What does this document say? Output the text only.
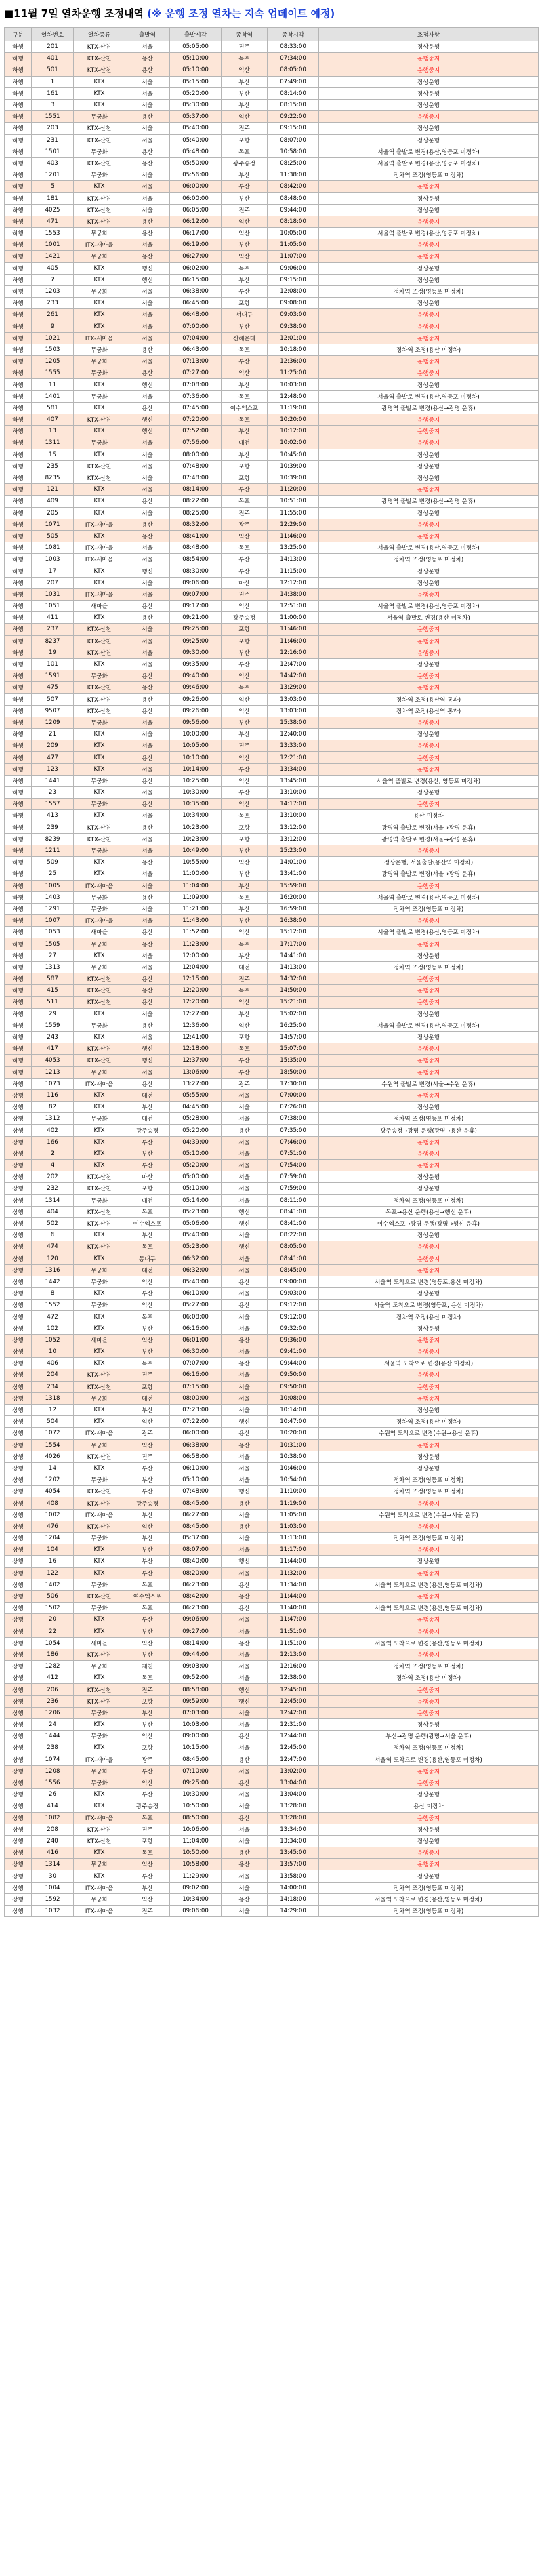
■11월 7일 열차운행 조정내역 (※ 운행 조정 열차는 지속 업데이트 예정)
구분	열차번호	열차종류	출발역	출발시각	종착역	종착시각	조정사항
하행	201	KTX-산천	서울	05:05:00	진주	08:33:00	정상운행
하행	401	KTX-산천	용산	05:10:00	목포	07:34:00	운행중지
하행	501	KTX-산천	용산	05:10:00	익산	08:05:00	운행중지
하행	1	KTX	서울	05:15:00	부산	07:49:00	정상운행
하행	161	KTX	서울	05:20:00	부산	08:14:00	정상운행
하행	3	KTX	서울	05:30:00	부산	08:15:00	정상운행
하행	1551	무궁화	용산	05:37:00	익산	09:22:00	운행중지
하행	203	KTX-산천	서울	05:40:00	진주	09:15:00	정상운행
하행	231	KTX-산천	서울	05:40:00	포항	08:07:00	정상운행
하행	1501	무궁화	용산	05:48:00	목포	10:58:00	서울역 출발로 변경(용산,영등포 미정차)
하행	403	KTX-산천	용산	05:50:00	광주송정	08:25:00	서울역 출발로 변경(용산,영등포 미정차)
하행	1201	무궁화	서울	05:56:00	부산	11:38:00	정차역 조정(영등포 미정차)
하행	5	KTX	서울	06:00:00	부산	08:42:00	운행중지
하행	181	KTX-산천	서울	06:00:00	부산	08:48:00	정상운행
하행	4025	KTX-산천	서울	06:05:00	진주	09:44:00	정상운행
하행	471	KTX-산천	용산	06:12:00	익산	08:18:00	운행중지
하행	1553	무궁화	용산	06:17:00	익산	10:05:00	서울역 출발로 변경(용산,영등포 미정차)
하행	1001	ITX-새마을	서울	06:19:00	부산	11:05:00	운행중지
하행	1421	무궁화	용산	06:27:00	익산	11:07:00	운행중지
하행	405	KTX	행신	06:02:00	목포	09:06:00	정상운행
하행	7	KTX	행신	06:15:00	부산	09:15:00	정상운행
하행	1203	무궁화	서울	06:38:00	부산	12:08:00	정차역 조정(영등포 미정차)
하행	233	KTX	서울	06:45:00	포항	09:08:00	정상운행
하행	261	KTX	서울	06:48:00	서대구	09:03:00	운행중지
하행	9	KTX	서울	07:00:00	부산	09:38:00	운행중지
하행	1021	ITX-새마을	서울	07:04:00	신해운대	12:01:00	운행중지
하행	1503	무궁화	용산	06:43:00	목포	10:18:00	정차역 조정(용산 미정차)
하행	1205	무궁화	서울	07:13:00	부산	12:36:00	운행중지
하행	1555	무궁화	용산	07:27:00	익산	11:25:00	운행중지
하행	11	KTX	행신	07:08:00	부산	10:03:00	정상운행
하행	1401	무궁화	서울	07:36:00	목포	12:48:00	서울역 출발로 변경(용산,영등포 미정차)
하행	581	KTX	용산	07:45:00	여수엑스포	11:19:00	광명역 출발로 변경(용산→광명 운휴)
하행	407	KTX-산천	행신	07:20:00	목포	10:20:00	운행중지
하행	13	KTX	행신	07:52:00	부산	10:12:00	운행중지
하행	1311	무궁화	서울	07:56:00	대전	10:02:00	운행중지
하행	15	KTX	서울	08:00:00	부산	10:45:00	정상운행
하행	235	KTX-산천	서울	07:48:00	포항	10:39:00	정상운행
하행	8235	KTX-산천	서울	07:48:00	포항	10:39:00	정상운행
하행	121	KTX	서울	08:14:00	부산	11:20:00	운행중지
하행	409	KTX	용산	08:22:00	목포	10:51:00	광명역 출발로 변경(용산→광명 운휴)
하행	205	KTX	서울	08:25:00	진주	11:55:00	정상운행
하행	1071	ITX-새마을	용산	08:32:00	광주	12:29:00	운행중지
하행	505	KTX	용산	08:41:00	익산	11:46:00	운행중지
하행	1081	ITX-새마을	서울	08:48:00	목포	13:25:00	서울역 출발로 변경(용산,영등포 미정차)
하행	1003	ITX-새마을	서울	08:54:00	부산	14:13:00	정차역 조정(영등포 미정차)
하행	17	KTX	행신	08:30:00	부산	11:15:00	정상운행
하행	207	KTX	서울	09:06:00	마산	12:12:00	정상운행
하행	1031	ITX-새마을	서울	09:07:00	진주	14:38:00	운행중지
하행	1051	새마을	용산	09:17:00	익산	12:51:00	서울역 출발로 변경(용산,영등포 미정차)
하행	411	KTX	용산	09:21:00	광주송정	11:00:00	서울역 출발로 변경(용산 미정차)
하행	237	KTX-산천	서울	09:25:00	포항	11:46:00	운행중지
하행	8237	KTX-산천	서울	09:25:00	포항	11:46:00	운행중지
하행	19	KTX-산천	서울	09:30:00	부산	12:16:00	운행중지
하행	101	KTX	서울	09:35:00	부산	12:47:00	정상운행
하행	1591	무궁화	용산	09:40:00	익산	14:42:00	운행중지
하행	475	KTX-산천	용산	09:46:00	목포	13:29:00	운행중지
하행	507	KTX-산천	용산	09:26:00	익산	13:03:00	정차역 조정(용산역 통과)
하행	9507	KTX-산천	용산	09:26:00	익산	13:03:00	정차역 조정(용산역 통과)
하행	1209	무궁화	서울	09:56:00	부산	15:38:00	운행중지
하행	21	KTX	서울	10:00:00	부산	12:40:00	정상운행
하행	209	KTX	서울	10:05:00	진주	13:33:00	운행중지
하행	477	KTX	용산	10:10:00	익산	12:21:00	운행중지
하행	123	KTX	서울	10:14:00	부산	13:34:00	운행중지
하행	1441	무궁화	용산	10:25:00	익산	13:45:00	서울역 출발로 변경(용산, 영등포 미정차)
하행	23	KTX	서울	10:30:00	부산	13:10:00	정상운행
하행	1557	무궁화	용산	10:35:00	익산	14:17:00	운행중지
하행	413	KTX	서울	10:34:00	목포	13:10:00	용산 미정차
하행	239	KTX-산천	용산	10:23:00	포항	13:12:00	광명역 출발로 변경(서울→광명 운휴)
하행	8239	KTX-산천	서울	10:23:00	포항	13:12:00	광명역 출발로 변경(서울→광명 운휴)
하행	1211	무궁화	서울	10:49:00	부산	15:23:00	운행중지
하행	509	KTX	용산	10:55:00	익산	14:01:00	정상운행, 서울출발(용산역 미정차)
하행	25	KTX	서울	11:00:00	부산	13:41:00	광명역 출발로 변경(서울→광명 운휴)
하행	1005	ITX-새마을	서울	11:04:00	부산	15:59:00	운행중지
하행	1403	무궁화	용산	11:09:00	목포	16:20:00	서울역 출발로 변경(용산,영등포 미정차)
하행	1291	무궁화	서울	11:21:00	부산	16:59:00	정차역 조정(영등포 미정차)
하행	1007	ITX-새마을	서울	11:43:00	부산	16:38:00	운행중지
하행	1053	새마을	용산	11:52:00	익산	15:12:00	서울역 출발로 변경(용산,영등포 미정차)
하행	1505	무궁화	용산	11:23:00	목포	17:17:00	운행중지
하행	27	KTX	서울	12:00:00	부산	14:41:00	정상운행
하행	1313	무궁화	서울	12:04:00	대전	14:13:00	정차역 조정(영등포 미정차)
하행	587	KTX-산천	용산	12:15:00	진주	14:32:00	운행중지
하행	415	KTX-산천	용산	12:20:00	목포	14:50:00	운행중지
하행	511	KTX-산천	용산	12:20:00	익산	15:21:00	운행중지
하행	29	KTX	서울	12:27:00	부산	15:02:00	정상운행
하행	1559	무궁화	용산	12:36:00	익산	16:25:00	서울역 출발로 변경(용산,영등포 미정차)
하행	243	KTX	서울	12:41:00	포항	14:57:00	정상운행
하행	417	KTX-산천	행신	12:18:00	목포	15:07:00	운행중지
하행	4053	KTX-산천	행신	12:37:00	부산	15:35:00	운행중지
하행	1213	무궁화	서울	13:06:00	부산	18:50:00	운행중지
하행	1073	ITX-새마을	용산	13:27:00	광주	17:30:00	수원역 출발로 변경(서울→수원 운휴)
상행	116	KTX	대전	05:55:00	서울	07:00:00	운행중지
상행	82	KTX	부산	04:45:00	서울	07:26:00	정상운행
상행	1312	무궁화	대전	05:28:00	서울	07:38:00	정차역 조정(영등포 미정차)
상행	402	KTX	광주송정	05:20:00	용산	07:35:00	광주송정→광명 운행(광명→용산 운휴)
상행	166	KTX	부산	04:39:00	서울	07:46:00	운행중지
상행	2	KTX	부산	05:10:00	서울	07:51:00	운행중지
상행	4	KTX	부산	05:20:00	서울	07:54:00	운행중지
상행	202	KTX-산천	마산	05:00:00	서울	07:59:00	정상운행
상행	232	KTX-산천	포항	05:10:00	서울	07:59:00	정상운행
상행	1314	무궁화	대전	05:14:00	서울	08:11:00	정차역 조정(영등포 미정차)
상행	404	KTX-산천	목포	05:23:00	행신	08:41:00	목포→용산 운행(용산→행신 운휴)
상행	502	KTX-산천	여수엑스포	05:06:00	행신	08:41:00	여수엑스포→광명 운행(광명→행신 운휴)
상행	6	KTX	부산	05:40:00	서울	08:22:00	정상운행
상행	474	KTX-산천	목포	05:23:00	행신	08:05:00	운행중지
상행	120	KTX	동대구	06:32:00	서울	08:41:00	운행중지
상행	1316	무궁화	대전	06:32:00	서울	08:45:00	운행중지
상행	1442	무궁화	익산	05:40:00	용산	09:00:00	서울역 도착으로 변경(영등포,용산 미정차)
상행	8	KTX	부산	06:10:00	서울	09:03:00	정상운행
상행	1552	무궁화	익산	05:27:00	용산	09:12:00	서울역 도착으로 변경(영등포, 용산 미정차)
상행	472	KTX	목포	06:08:00	서울	09:12:00	정차역 조정(용산 미정차)
상행	102	KTX	부산	06:16:00	서울	09:32:00	정상운행
상행	1052	새마을	익산	06:01:00	용산	09:36:00	운행중지
상행	10	KTX	부산	06:30:00	서울	09:41:00	운행중지
상행	406	KTX	목포	07:07:00	용산	09:44:00	서울역 도착으로 변경(용산 미정차)
상행	204	KTX-산천	진주	06:16:00	서울	09:50:00	운행중지
상행	234	KTX-산천	포항	07:15:00	서울	09:50:00	운행중지
상행	1318	무궁화	대전	08:00:00	서울	10:08:00	운행중지
상행	12	KTX	부산	07:23:00	서울	10:14:00	정상운행
상행	504	KTX	익산	07:22:00	행신	10:47:00	정차역 조정(용산 미정차)
상행	1072	ITX-새마을	광주	06:00:00	용산	10:20:00	수원역 도착으로 변경(수원→용산 운휴)
상행	1554	무궁화	익산	06:38:00	용산	10:31:00	운행중지
상행	4026	KTX-산천	진주	06:58:00	서울	10:38:00	정상운행
상행	14	KTX	부산	06:10:00	서울	10:46:00	정상운행
상행	1202	무궁화	부산	05:10:00	서울	10:54:00	정차역 조정(영등포 미정차)
상행	4054	KTX-산천	부산	07:48:00	행신	11:10:00	정차역 조정(영등포 미정차)
상행	408	KTX-산천	광주송정	08:45:00	용산	11:19:00	운행중지
상행	1002	ITX-새마을	부산	06:27:00	서울	11:05:00	수원역 도착으로 변경(수원→서울 운휴)
상행	476	KTX-산천	익산	08:45:00	용산	11:03:00	운행중지
상행	1204	무궁화	부산	05:37:00	서울	11:13:00	정차역 조정(영등포 미정차)
상행	104	KTX	부산	08:07:00	서울	11:17:00	운행중지
상행	16	KTX	부산	08:40:00	행신	11:44:00	정상운행
상행	122	KTX	부산	08:20:00	서울	11:32:00	운행중지
상행	1402	무궁화	목포	06:23:00	용산	11:34:00	서울역 도착으로 변경(용산,영등포 미정차)
상행	506	KTX-산천	여수엑스포	08:42:00	용산	11:44:00	운행중지
상행	1502	무궁화	목포	06:23:00	용산	11:40:00	서울역 도착으로 변경(용산,영등포 미정차)
상행	20	KTX	부산	09:06:00	서울	11:47:00	운행중지
상행	22	KTX	부산	09:27:00	서울	11:51:00	운행중지
상행	1054	새마을	익산	08:14:00	용산	11:51:00	서울역 도착으로 변경(용산,영등포 미정차)
상행	186	KTX-산천	부산	09:44:00	서울	12:13:00	운행중지
상행	1282	무궁화	제천	09:03:00	서울	12:16:00	정차역 조정(영등포 미정차)
상행	412	KTX	목포	09:52:00	서울	12:38:00	정차역 조정(용산 미정차)
상행	206	KTX-산천	진주	08:58:00	행신	12:45:00	운행중지
상행	236	KTX-산천	포항	09:59:00	행신	12:45:00	운행중지
상행	1206	무궁화	부산	07:03:00	서울	12:42:00	운행중지
상행	24	KTX	부산	10:03:00	서울	12:31:00	정상운행
상행	1444	무궁화	익산	09:00:00	용산	12:44:00	부산→광명 운행(광명→서울 운휴)
상행	238	KTX	포항	10:15:00	서울	12:45:00	정차역 조정(영등포 미정차)
상행	1074	ITX-새마을	광주	08:45:00	용산	12:47:00	서울역 도착으로 변경(용산,영등포 미정차)
상행	1208	무궁화	부산	07:10:00	서울	13:02:00	운행중지
상행	1556	무궁화	익산	09:25:00	용산	13:04:00	운행중지
상행	26	KTX	부산	10:30:00	서울	13:04:00	정상운행
상행	414	KTX	광주송정	10:50:00	서울	13:28:00	용산 미정차
상행	1082	ITX-새마을	목포	08:50:00	용산	13:28:00	운행중지
상행	208	KTX-산천	진주	10:06:00	서울	13:34:00	정상운행
상행	240	KTX-산천	포항	11:04:00	서울	13:34:00	정상운행
상행	416	KTX	목포	10:50:00	용산	13:45:00	운행중지
상행	1314	무궁화	익산	10:58:00	용산	13:57:00	운행중지
상행	30	KTX	부산	11:29:00	서울	13:58:00	정상운행
상행	1004	ITX-새마을	부산	09:02:00	서울	14:00:00	정차역 조정(영등포 미정차)
상행	1592	무궁화	익산	10:34:00	용산	14:18:00	서울역 도착으로 변경(용산,영등포 미정차)
상행	1032	ITX-새마을	진주	09:06:00	서울	14:29:00	정차역 조정(영등포 미정차)
